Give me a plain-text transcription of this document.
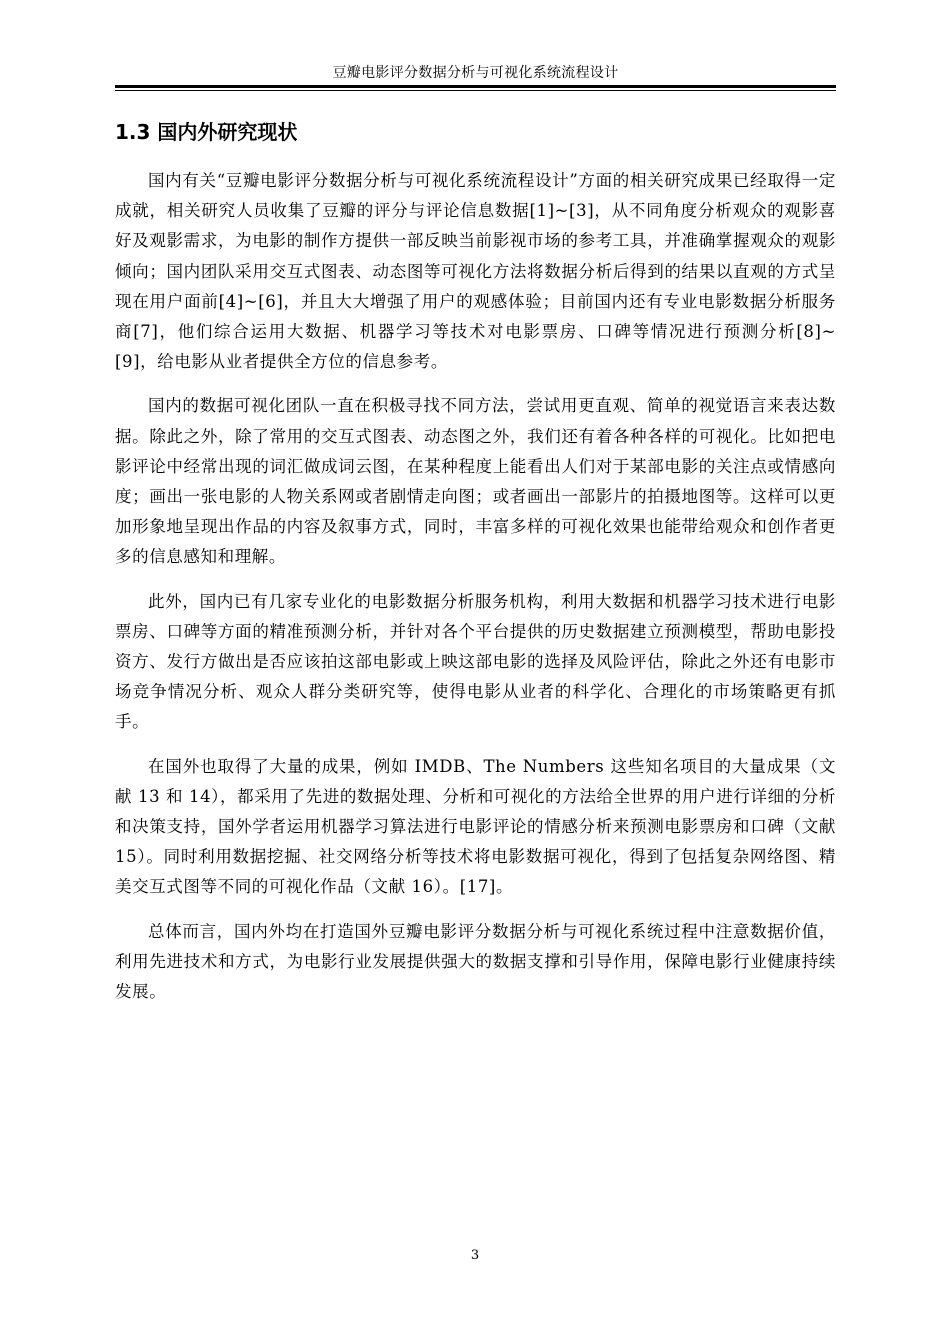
豆瓣电影评分数据分析与可视化系统流程设计
1.3 国内外研究现状

国内有关“豆瓣电影评分数据分析与可视化系统流程设计”方面的相关研究成果已经取得一定成就，相关研究人员收集了豆瓣的评分与评论信息数据[1]~[3]，从不同角度分析观众的观影喜好及观影需求，为电影的制作方提供一部反映当前影视市场的参考工具，并准确掌握观众的观影倾向；国内团队采用交互式图表、动态图等可视化方法将数据分析后得到的结果以直观的方式呈现在用户面前[4]~[6]，并且大大增强了用户的观感体验；目前国内还有专业电影数据分析服务商[7]，他们综合运用大数据、机器学习等技术对电影票房、口碑等情况进行预测分析[8]~[9]，给电影从业者提供全方位的信息参考。

国内的数据可视化团队一直在积极寻找不同方法，尝试用更直观、简单的视觉语言来表达数据。除此之外，除了常用的交互式图表、动态图之外，我们还有着各种各样的可视化。比如把电影评论中经常出现的词汇做成词云图，在某种程度上能看出人们对于某部电影的关注点或情感向度；画出一张电影的人物关系网或者剧情走向图；或者画出一部影片的拍摄地图等。这样可以更加形象地呈现出作品的内容及叙事方式，同时，丰富多样的可视化效果也能带给观众和创作者更多的信息感知和理解。

此外，国内已有几家专业化的电影数据分析服务机构，利用大数据和机器学习技术进行电影票房、口碑等方面的精准预测分析，并针对各个平台提供的历史数据建立预测模型，帮助电影投资方、发行方做出是否应该拍这部电影或上映这部电影的选择及风险评估，除此之外还有电影市场竞争情况分析、观众人群分类研究等，使得电影从业者的科学化、合理化的市场策略更有抓手。

在国外也取得了大量的成果，例如 IMDB、The Numbers 这些知名项目的大量成果（文献 13 和 14），都采用了先进的数据处理、分析和可视化的方法给全世界的用户进行详细的分析和决策支持，国外学者运用机器学习算法进行电影评论的情感分析来预测电影票房和口碑（文献 15）。同时利用数据挖掘、社交网络分析等技术将电影数据可视化，得到了包括复杂网络图、精美交互式图等不同的可视化作品（文献 16）。[17]。

总体而言，国内外均在打造国外豆瓣电影评分数据分析与可视化系统过程中注意数据价值，利用先进技术和方式，为电影行业发展提供强大的数据支撑和引导作用，保障电影行业健康持续发展。

3
